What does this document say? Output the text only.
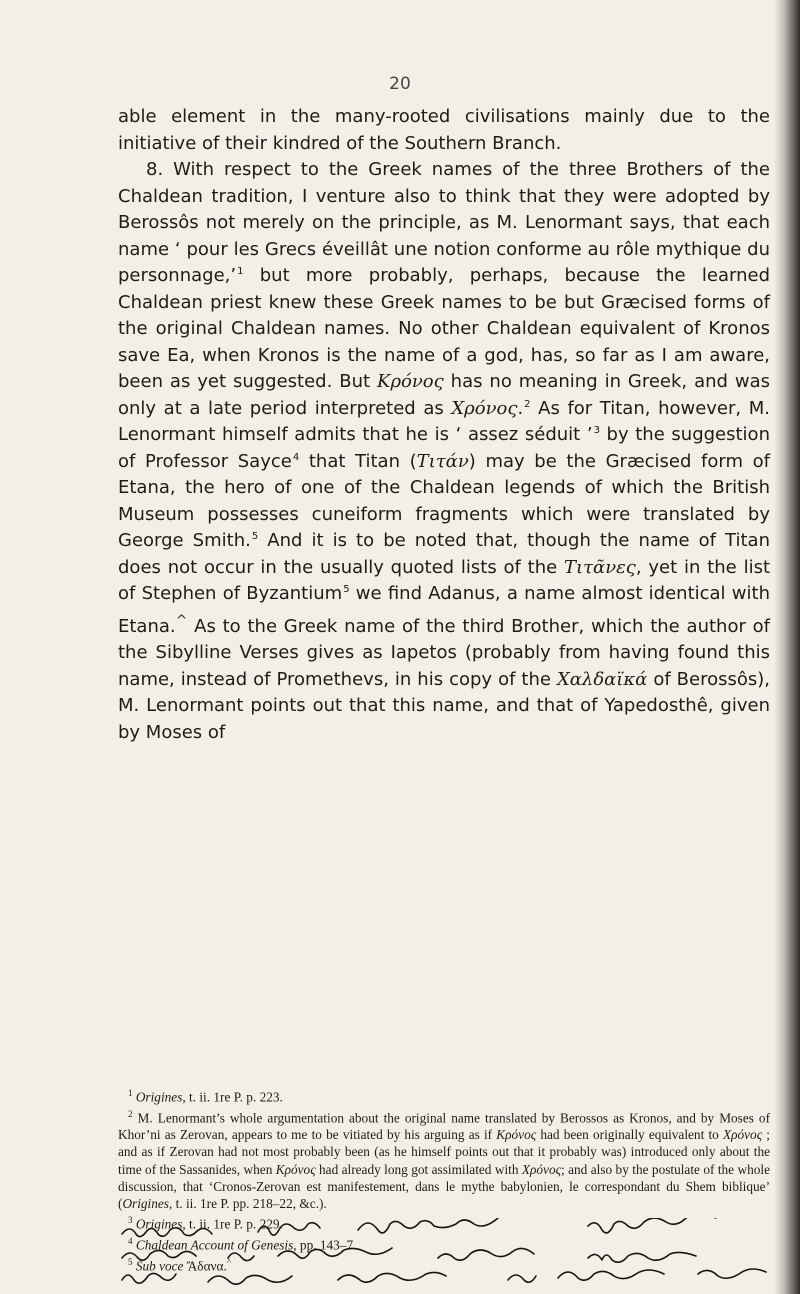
20

able element in the many-rooted civilisations mainly due to the initiative of their kindred of the Southern Branch.

8. With respect to the Greek names of the three Brothers of the Chaldean tradition, I venture also to think that they were adopted by Berossôs not merely on the principle, as M. Lenormant says, that each name ‘ pour les Grecs éveillât une notion conforme au rôle mythique du personnage,’$^1$ but more probably, perhaps, because the learned Chaldean priest knew these Greek names to be but Græcised forms of the original Chaldean names. No other Chaldean equivalent of Kronos save Ea, when Kronos is the name of a god, has, so far as I am aware, been as yet suggested. But Κρόνος has no meaning in Greek, and was only at a late period interpreted as Χρόνος.$^2$ As for Titan, however, M. Lenormant himself admits that he is ‘ assez séduit ’$^3$ by the suggestion of Professor Sayce$^4$ that Titan (Τιτάν) may be the Græcised form of Etana, the hero of one of the Chaldean legends of which the British Museum possesses cuneiform fragments which were translated by George Smith.$^5$ And it is to be noted that, though the name of Titan does not occur in the usually quoted lists of the Τιτᾶνες, yet in the list of Stephen of Byzantium$^5$ we find Adanus, a name almost identical with Etana.^ As to the Greek name of the third Brother, which the author of the Sibylline Verses gives as Iapetos (probably from having found this name, instead of Promethevs, in his copy of the Χαλδαϊκά of Berossôs), M. Lenormant points out that this name, and that of Yapedosthê, given by Moses of

$^1$ Origines, t. ii. 1re P. p. 223.

$^2$ M. Lenormant’s whole argumentation about the original name translated by Berossos as Kronos, and by Moses of Khor’ni as Zerovan, appears to me to be vitiated by his arguing as if Κρόνος had been originally equivalent to Χρόνος ; and as if Zerovan had not most probably been (as he himself points out that it probably was) introduced only about the time of the Sassanides, when Κρόνος had already long got assimilated with Χρόνος; and also by the postulate of the whole discussion, that ‘Cronos-Zerovan est manifestement, dans le mythe babylonien, le correspondant du Shem biblique’ (Origines, t. ii. 1re P. pp. 218–22, &c.).

$^3$ Origines, t. ii. 1re P. p. 229.

$^4$ Chaldean Account of Genesis, pp. 143–7.

$^5$ Sub voce Ἄδανα.^
